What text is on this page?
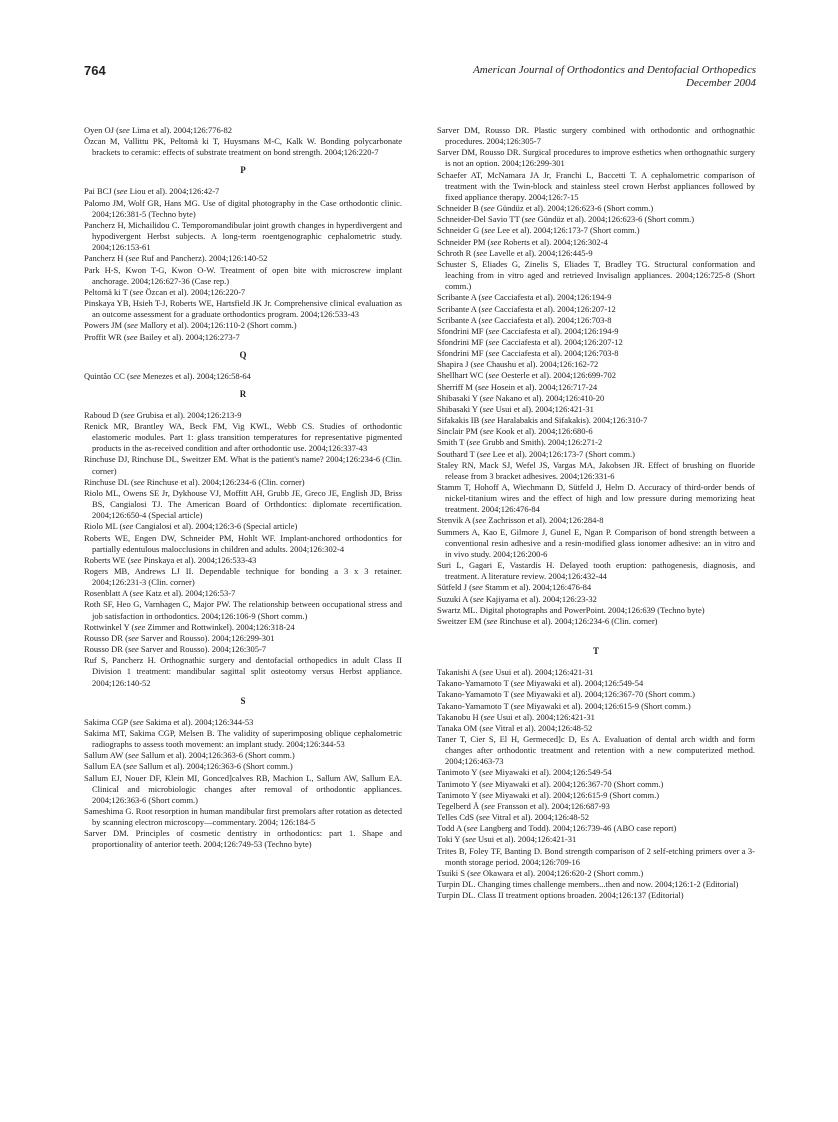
764	American Journal of Orthodontics and Dentofacial Orthopedics
December 2004
Oyen OJ (see Lima et al). 2004;126:776-82
Özcan M, Vallittu PK, Peltomä ki T, Huysmans M-C, Kalk W. Bonding polycarbonate brackets to ceramic: effects of substrate treatment on bond strength. 2004;126:220-7
P
Pai BCJ (see Liou et al). 2004;126:42-7
Palomo JM, Wolf GR, Hans MG. Use of digital photography in the Case orthodontic clinic. 2004;126:381-5 (Techno byte)
Pancherz H, Michailidou C. Temporomandibular joint growth changes in hyperdivergent and hypodivergent Herbst subjects. A long-term roentgenographic cephalometric study. 2004;126:153-61
Pancherz H (see Ruf and Pancherz). 2004;126:140-52
Park H-S, Kwon T-G, Kwon O-W. Treatment of open bite with microscrew implant anchorage. 2004;126:627-36 (Case rep.)
Peltomä ki T (see Özcan et al). 2004;126:220-7
Pinskaya YB, Hsieh T-J, Roberts WE, Hartsfield JK Jr. Comprehensive clinical evaluation as an outcome assessment for a graduate orthodontics program. 2004;126:533-43
Powers JM (see Mallory et al). 2004;126:110-2 (Short comm.)
Proffit WR (see Bailey et al). 2004;126:273-7
Q
Quintão CC (see Menezes et al). 2004;126:58-64
R
Raboud D (see Grubisa et al). 2004;126:213-9
Renick MR, Brantley WA, Beck FM, Vig KWL, Webb CS. Studies of orthodontic elastomeric modules. Part 1: glass transition temperatures for representative pigmented products in the as-received condition and after orthodontic use. 2004;126:337-43
Rinchuse DJ, Rinchuse DL, Sweitzer EM. What is the patient's name? 2004;126:234-6 (Clin. corner)
Rinchuse DL (see Rinchuse et al). 2004;126:234-6 (Clin. corner)
Riolo ML, Owens SE Jr, Dykhouse VJ, Moffitt AH, Grubb JE, Greco JE, English JD, Briss BS, Cangialosi TJ. The American Board of Orthdontics: diplomate recertification. 2004;126:650-4 (Special article)
Riolo ML (see Cangialosi et al). 2004;126:3-6 (Special article)
Roberts WE, Engen DW, Schneider PM, Hohlt WF. Implant-anchored orthodontics for partially edentulous malocclusions in children and adults. 2004;126:302-4
Roberts WE (see Pinskaya et al). 2004;126:533-43
Rogers MB, Andrews LJ II. Dependable technique for bonding a 3 x 3 retainer. 2004;126:231-3 (Clin. corner)
Rosenblatt A (see Katz et al). 2004;126:53-7
Roth SF, Heo G, Varnhagen C, Major PW. The relationship between occupational stress and job satisfaction in orthodontics. 2004;126:106-9 (Short comm.)
Rottwinkel Y (see Zimmer and Rottwinkel). 2004;126:318-24
Rousso DR (see Sarver and Rousso). 2004;126:299-301
Rousso DR (see Sarver and Rousso). 2004;126:305-7
Ruf S, Pancherz H. Orthognathic surgery and dentofacial orthopedics in adult Class II Division 1 treatment: mandibular sagittal split osteotomy versus Herbst appliance. 2004;126:140-52
S
Sakima CGP (see Sakima et al). 2004;126:344-53
Sakima MT, Sakima CGP, Melsen B. The validity of superimposing oblique cephalometric radiographs to assess tooth movement: an implant study. 2004;126:344-53
Sallum AW (see Sallum et al). 2004;126:363-6 (Short comm.)
Sallum EA (see Sallum et al). 2004;126:363-6 (Short comm.)
Sallum EJ, Nouer DF, Klein MI, Gonced]calves RB, Machion L, Sallum AW, Sallum EA. Clinical and microbiologic changes after removal of orthodontic appliances. 2004;126:363-6 (Short comm.)
Sameshima G. Root resorption in human mandibular first premolars after rotation as detected by scanning electron microscopy—commentary. 2004; 126:184-5
Sarver DM. Principles of cosmetic dentistry in orthodontics: part 1. Shape and proportionality of anterior teeth. 2004;126:749-53 (Techno byte)
Sarver DM, Rousso DR. Plastic surgery combined with orthodontic and orthognathic procedures. 2004;126:305-7
Sarver DM, Rousso DR. Surgical procedures to improve esthetics when orthognathic surgery is not an option. 2004;126:299-301
Schaefer AT, McNamara JA Jr, Franchi L, Baccetti T. A cephalometric comparison of treatment with the Twin-block and stainless steel crown Herbst appliances followed by fixed appliance therapy. 2004;126:7-15
Schneider B (see Gündüz et al). 2004;126:623-6 (Short comm.)
Schneider-Del Savio TT (see Gündüz et al). 2004;126:623-6 (Short comm.)
Schneider G (see Lee et al). 2004;126:173-7 (Short comm.)
Schneider PM (see Roberts et al). 2004;126:302-4
Schroth R (see Lavelle et al). 2004;126:445-9
Schuster S, Eliades G, Zinelis S, Eliades T, Bradley TG. Structural conformation and leaching from in vitro aged and retrieved Invisalign appliances. 2004;126:725-8 (Short comm.)
Scribante A (see Cacciafesta et al). 2004;126:194-9
Scribante A (see Cacciafesta et al). 2004;126:207-12
Scribante A (see Cacciafesta et al). 2004;126:703-8
Sfondrini MF (see Cacciafesta et al). 2004;126:194-9
Sfondrini MF (see Cacciafesta et al). 2004;126:207-12
Sfondrini MF (see Cacciafesta et al). 2004;126:703-8
Shapira J (see Chaushu et al). 2004;126:162-72
Shellhart WC (see Oesterle et al). 2004;126:699-702
Sherriff M (see Hosein et al). 2004;126:717-24
Shibasaki Y (see Nakano et al). 2004;126:410-20
Shibasaki Y (see Usui et al). 2004;126:421-31
Sifakakis IB (see Haralabakis and Sifakakis). 2004;126:310-7
Sinclair PM (see Kook et al). 2004;126:680-6
Smith T (see Grubb and Smith). 2004;126:271-2
Southard T (see Lee et al). 2004;126:173-7 (Short comm.)
Staley RN, Mack SJ, Wefel JS, Vargas MA, Jakobsen JR. Effect of brushing on fluoride release from 3 bracket adhesives. 2004;126:331-6
Stamm T, Hohoff A, Wiechmann D, Sütfeld J, Helm D. Accuracy of third-order bends of nickel-titanium wires and the effect of high and low pressure during memorizing heat treatment. 2004;126:476-84
Stenvik A (see Zachrisson et al). 2004;126:284-8
Summers A, Kao E, Gilmore J, Gunel E, Ngan P. Comparison of bond strength between a conventional resin adhesive and a resin-modified glass ionomer adhesive: an in vitro and in vivo study. 2004;126:200-6
Suri L, Gagari E, Vastardis H. Delayed tooth eruption: pathogenesis, diagnosis, and treatment. A literature review. 2004;126:432-44
Sütfeld J (see Stamm et al). 2004;126:476-84
Suzuki A (see Kajiyama et al). 2004;126:23-32
Swartz ML. Digital photographs and PowerPoint. 2004;126:639 (Techno byte)
Sweitzer EM (see Rinchuse et al). 2004;126:234-6 (Clin. corner)
T
Takanishi A (see Usui et al). 2004;126:421-31
Takano-Yamamoto T (see Miyawaki et al). 2004;126:549-54
Takano-Yamamoto T (see Miyawaki et al). 2004;126:367-70 (Short comm.)
Takano-Yamamoto T (see Miyawaki et al). 2004;126:615-9 (Short comm.)
Takanobu H (see Usui et al). 2004;126:421-31
Tanaka OM (see Vitral et al). 2004;126:48-52
Taner T, Cier S, El H, Germeced]c D, Es A. Evaluation of dental arch width and form changes after orthodontic treatment and retention with a new computerized method. 2004;126:463-73
Tanimoto Y (see Miyawaki et al). 2004;126:549-54
Tanimoto Y (see Miyawaki et al). 2004;126:367-70 (Short comm.)
Tanimoto Y (see Miyawaki et al). 2004;126:615-9 (Short comm.)
Tegelberd Å (see Fransson et al). 2004;126:687-93
Telles CdS (see Vitral et al). 2004;126:48-52
Todd A (see Langberg and Todd). 2004;126:739-46 (ABO case report)
Toki Y (see Usui et al). 2004;126:421-31
Trites B, Foley TF, Banting D. Bond strength comparison of 2 self-etching primers over a 3-month storage period. 2004;126:709-16
Tsuiki S (see Okawara et al). 2004;126:620-2 (Short comm.)
Turpin DL. Changing times challenge members...then and now. 2004;126:1-2 (Editorial)
Turpin DL. Class II treatment options broaden. 2004;126:137 (Editorial)
